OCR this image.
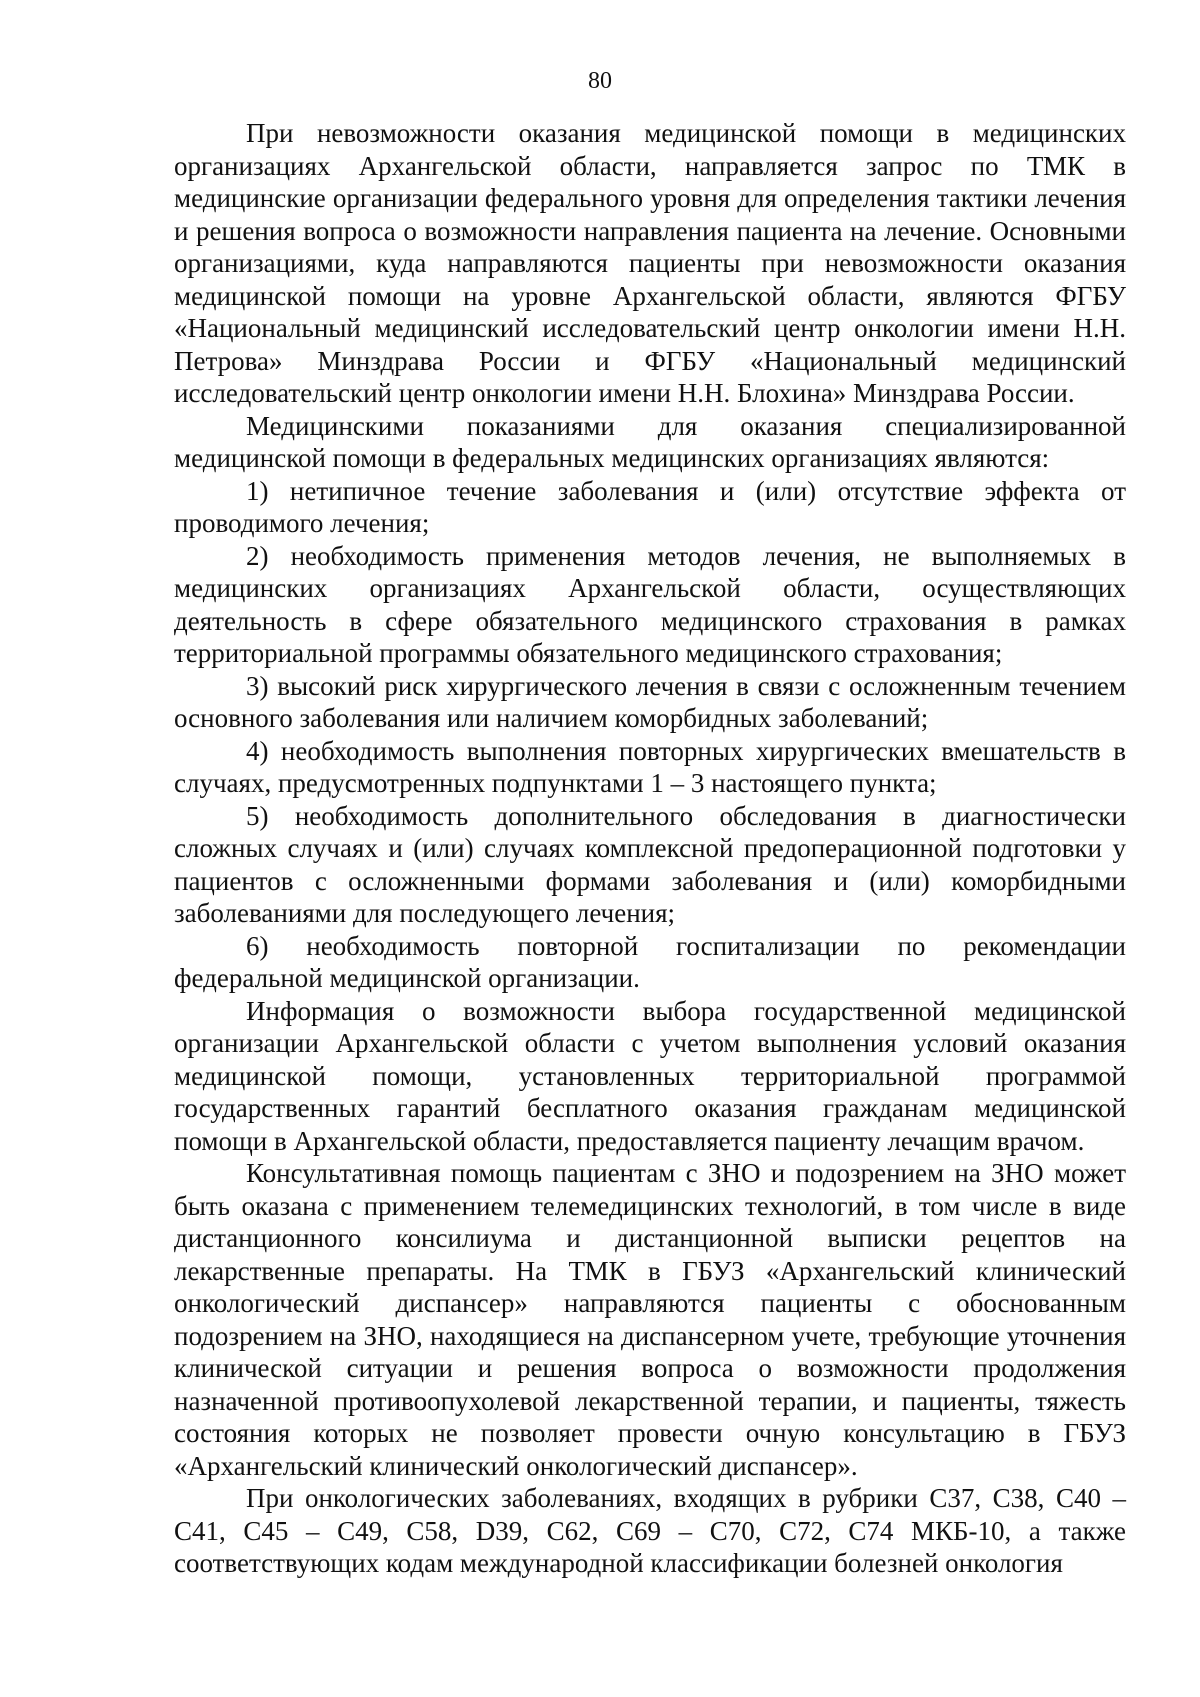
80

При невозможности оказания медицинской помощи в медицинских организациях Архангельской области, направляется запрос по ТМК в медицинские организации федерального уровня для определения тактики лечения и решения вопроса о возможности направления пациента на лечение. Основными организациями, куда направляются пациенты при невозможности оказания медицинской помощи на уровне Архангельской области, являются ФГБУ «Национальный медицинский исследовательский центр онкологии имени Н.Н. Петрова» Минздрава России и ФГБУ «Национальный медицинский исследовательский центр онкологии имени Н.Н. Блохина» Минздрава России.

Медицинскими показаниями для оказания специализированной медицинской помощи в федеральных медицинских организациях являются:

1) нетипичное течение заболевания и (или) отсутствие эффекта от проводимого лечения;

2) необходимость применения методов лечения, не выполняемых в медицинских организациях Архангельской области, осуществляющих деятельность в сфере обязательного медицинского страхования в рамках территориальной программы обязательного медицинского страхования;

3) высокий риск хирургического лечения в связи с осложненным течением основного заболевания или наличием коморбидных заболеваний;

4) необходимость выполнения повторных хирургических вмешательств в случаях, предусмотренных подпунктами 1 – 3 настоящего пункта;

5) необходимость дополнительного обследования в диагностически сложных случаях и (или) случаях комплексной предоперационной подготовки у пациентов с осложненными формами заболевания и (или) коморбидными заболеваниями для последующего лечения;

6) необходимость повторной госпитализации по рекомендации федеральной медицинской организации.

Информация о возможности выбора государственной медицинской организации Архангельской области с учетом выполнения условий оказания медицинской помощи, установленных территориальной программой государственных гарантий бесплатного оказания гражданам медицинской помощи в Архангельской области, предоставляется пациенту лечащим врачом.

Консультативная помощь пациентам с ЗНО и подозрением на ЗНО может быть оказана с применением телемедицинских технологий, в том числе в виде дистанционного консилиума и дистанционной выписки рецептов на лекарственные препараты. На ТМК в ГБУЗ «Архангельский клинический онкологический диспансер» направляются пациенты с обоснованным подозрением на ЗНО, находящиеся на диспансерном учете, требующие уточнения клинической ситуации и решения вопроса о возможности продолжения назначенной противоопухолевой лекарственной терапии, и пациенты, тяжесть состояния которых не позволяет провести очную консультацию в ГБУЗ «Архангельский клинический онкологический диспансер».

При онкологических заболеваниях, входящих в рубрики C37, C38, C40 – C41, C45 – C49, C58, D39, C62, C69 – C70, C72, C74 МКБ-10, а также соответствующих кодам международной классификации болезней онкология
